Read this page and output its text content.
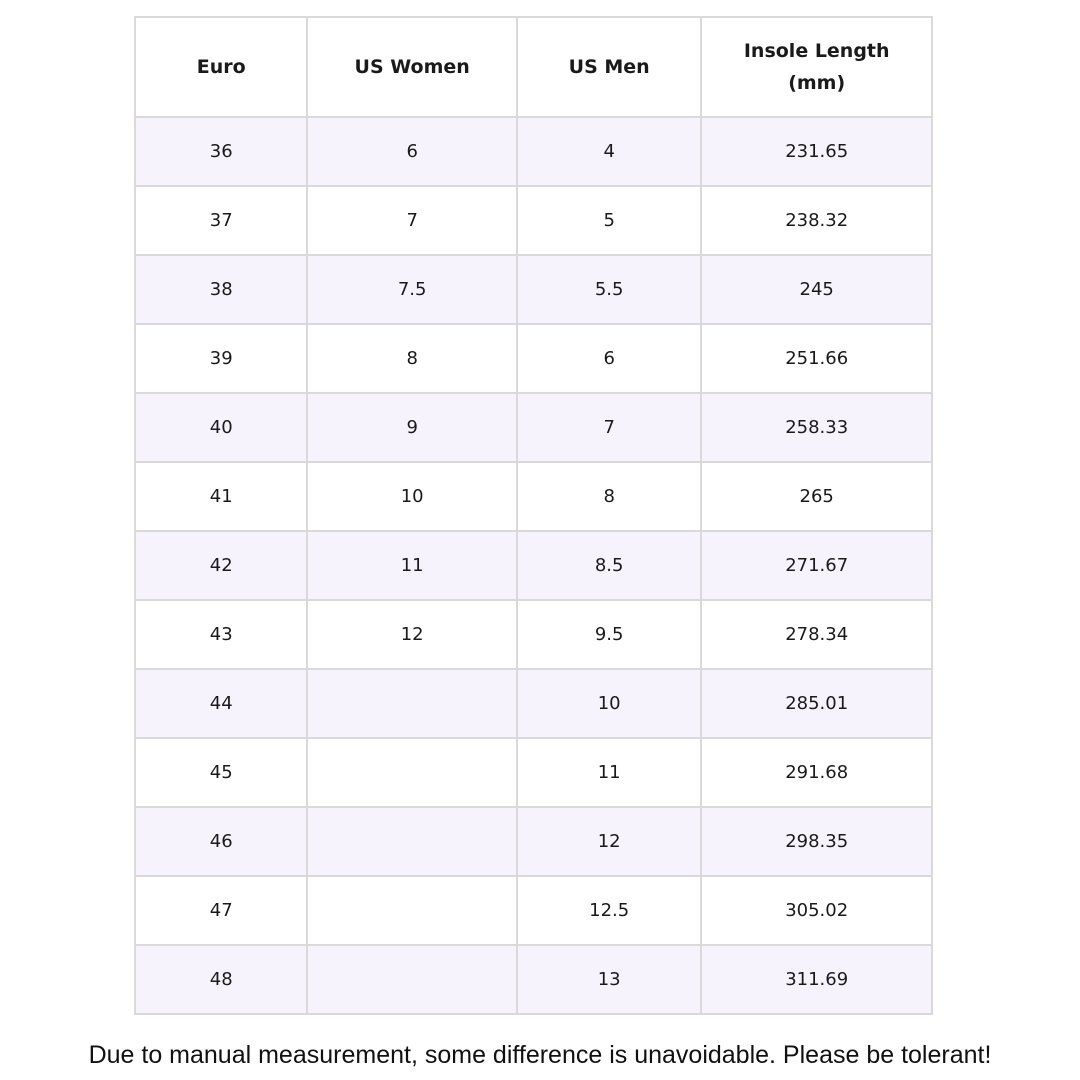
Euro	US Women	US Men	Insole Length
(mm)

36	6	4	231.65
37	7	5	238.32
38	7.5	5.5	245
39	8	6	251.66
40	9	7	258.33
41	10	8	265
42	11	8.5	271.67
43	12	9.5	278.34
44		10	285.01
45		11	291.68
46		12	298.35
47		12.5	305.02
48		13	311.69
Due to manual measurement, some difference is unavoidable. Please be tolerant!
